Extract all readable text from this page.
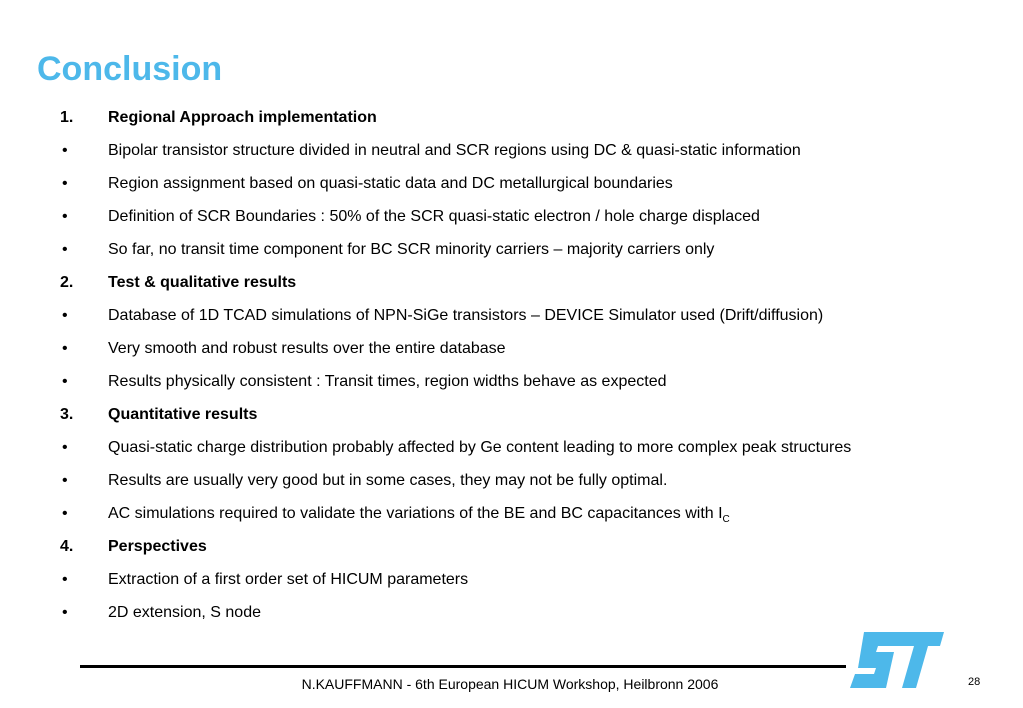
Conclusion
1. Regional Approach implementation
•	Bipolar transistor structure divided in neutral and SCR regions using DC & quasi-static information
•	Region assignment based on quasi-static data and DC metallurgical boundaries
•	Definition of SCR Boundaries : 50% of the SCR quasi-static electron / hole charge displaced
•	So far, no transit time component for BC SCR minority carriers – majority carriers only
2. Test & qualitative results
•	Database of 1D TCAD simulations of NPN-SiGe transistors – DEVICE Simulator used (Drift/diffusion)
•	Very smooth and robust results over the entire database
•	Results physically consistent : Transit times, region widths behave as expected
3. Quantitative results
•	Quasi-static charge distribution probably affected by Ge content leading to more complex peak structures
•	Results are usually very good but in some cases, they may not be fully optimal.
•	AC simulations required to validate the variations of the BE and BC capacitances with $I_C$
4. Perspectives
•	Extraction of a first order set of HICUM parameters
•	2D extension, S node
N.KAUFFMANN - 6th European HICUM Workshop, Heilbronn 2006	28
